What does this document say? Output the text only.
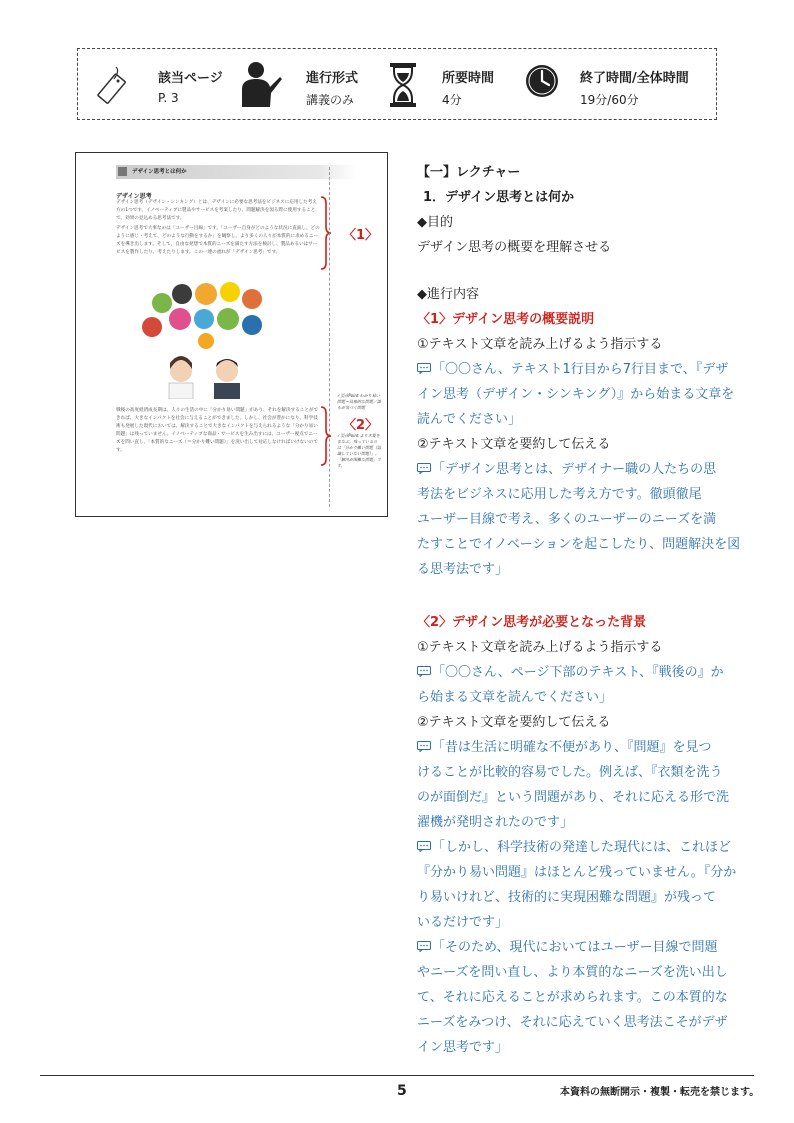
該当ページ
P. 3
進行形式
講義のみ
所要時間
4分
終了時間/全体時間
19分/60分
デザイン思考とは何か
デザイン思考
デザイン思考（デザイン・シンキング）とは、デザインに必要な思考法をビジネスに応用した考え方の1つです。イノベーティブに製品やサービスを考案したり、問題解決を図る際に使用することで、効果の見込める思考法です。
デザイン思考で大事なのは「ユーザー目線」です。「ユーザー自身がどのような状況に直面し、どのように感じ・考えて、どのような行動をするか」を観察し、より多くの人々が本質的に求めるニーズを導き出します。そして、自由な発想で本質的ニーズを満たす方法を検討し、製品あるいはサービスを製作したり、考えたりします。この一連の流れが「デザイン思考」です。
戦後の高度経済成長期は、人々の生活の中に「分かり易い問題」があり、それを解決することができれば、大きなインパクトを社会に与えることができました。しかし、社会が豊かになり、科学技術も発展した現代においては、解決することで大きなインパクトを与えられるような「分かり易い問題」は残っていません。イノベーティブな商品・サービスを生み出すには、ユーザー視点でニーズを問い直し、「本質的なニーズ（＝分かり難い問題）」を洗い出して対応しなければいけないのです。
✓要点Point わかり易い問題＝具象的な問題／誰もが気づく問題
✓要点Point より本質をまなぶ。残っているのは「分かり難い問題（認識していない問題）」。「解決が困難な問題」です。
〈1〉
〈2〉
【一】レクチャー
1．デザイン思考とは何か
◆目的
デザイン思考の概要を理解させる
◆進行内容
〈1〉デザイン思考の概要説明
①テキスト文章を読み上げるよう指示する
「〇〇さん、テキスト1行目から7行目まで、『デザ
イン思考（デザイン・シンキング）』から始まる文章を
読んでください」
②テキスト文章を要約して伝える
「デザイン思考とは、デザイナー職の人たちの思
考法をビジネスに応用した考え方です。徹頭徹尾
ユーザー目線で考え、多くのユーザーのニーズを満
たすことでイノベーションを起こしたり、問題解決を図
る思考法です」
〈2〉デザイン思考が必要となった背景
①テキスト文章を読み上げるよう指示する
「〇〇さん、ページ下部のテキスト、『戦後の』か
ら始まる文章を読んでください」
②テキスト文章を要約して伝える
「昔は生活に明確な不便があり、『問題』を見つ
けることが比較的容易でした。例えば、『衣類を洗う
のが面倒だ』という問題があり、それに応える形で洗
濯機が発明されたのです」
「しかし、科学技術の発達した現代には、これほど
『分かり易い問題』はほとんど残っていません。『分か
り易いけれど、技術的に実現困難な問題』が残って
いるだけです」
「そのため、現代においてはユーザー目線で問題
やニーズを問い直し、より本質的なニーズを洗い出し
て、それに応えることが求められます。この本質的な
ニーズをみつけ、それに応えていく思考法こそがデザ
イン思考です」
5	本資料の無断開示・複製・転売を禁じます。
